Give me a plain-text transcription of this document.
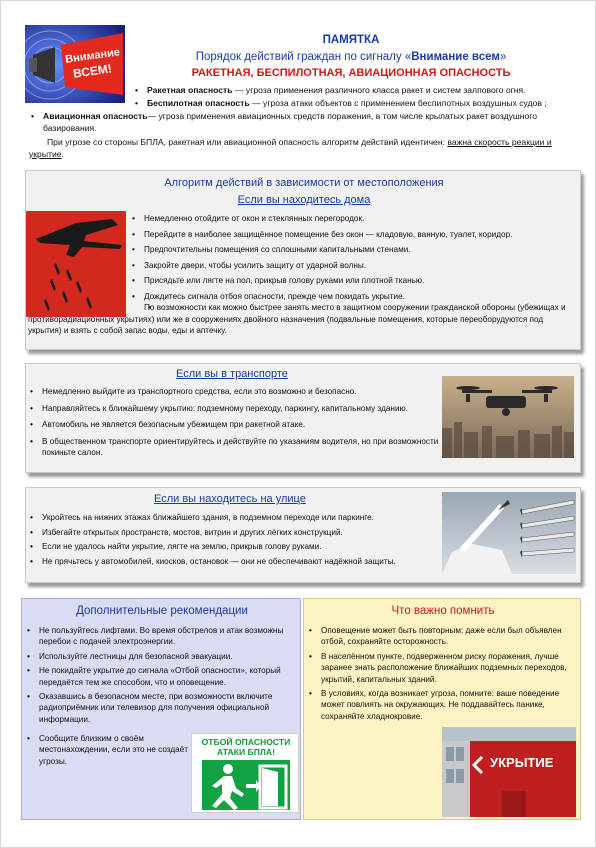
Внимание
ВСЕМ!
ПАМЯТКА
Порядок действий граждан по сигналу «Внимание всем»
РАКЕТНАЯ, БЕСПИЛОТНАЯ, АВИАЦИОННАЯ ОПАСНОСТЬ
• Ракетная опасность — угроза применения различного класса ракет и систем залпового огня.
• Беспилотная опасность — угроза атаки объектов с применением беспилотных воздушных судов ;
• Авиационная опасность— угроза применения авиационных средств поражения, в том числе крылатых ракет воздушного базирования.
При угрозе со стороны БПЛА, ракетная или авиационной опасность алгоритм действий идентичен: важна скорость реакции и укрытие.
Алгоритм действий в зависимости от местоположения
Если вы находитесь дома
• Немедленно отойдите от окон и стеклянных перегородок.
• Перейдите в наиболее защищённое помещение без окон — кладовую, ванную, туалет, коридор.
• Предпочтительны помещения со сплошными капитальными стенами.
• Закройте двери, чтобы усилить защиту от ударной волны.
• Присядьте или лягте на пол, прикрыв голову руками или плотной тканью.
• Дождитесь сигнала отбоя опасности, прежде чем покидать укрытие.
• По возможности как можно быстрее занять место в защитном сооружении гражданской обороны (убежищах и противорадиационных укрытиях) или же в сооружениях двойного назначения (подвальные помещения, которые переоборудуются под укрытия) и взять с собой запас воды, еды и аптечку.
Если вы в транспорте
• Немедленно выйдите из транспортного средства, если это возможно и безопасно.
• Направляйтесь к ближайшему укрытию: подземному переходу, паркингу, капитальному зданию.
• Автомобиль не является безопасным убежищем при ракетной атаке.
• В общественном транспорте ориентируйтесь и действуйте по указаниям водителя, но при возможности покиньте салон.
Если вы находитесь на улице
• Укройтесь на нижних этажах ближайшего здания, в подземном переходе или паркинге.
• Избегайте открытых пространств, мостов, витрин и других лёгких конструкций.
• Если не удалось найти укрытие, лягте на землю, прикрыв голову руками.
• Не прячьтесь у автомобилей, киосков, остановок — они не обеспечивают надёжной защиты.
Дополнительные рекомендации
• Не пользуйтесь лифтами. Во время обстрелов и атак возможны перебои с подачей электроэнергии.
• Используйте лестницы для безопасной эвакуации.
• Не покидайте укрытие до сигнала «Отбой опасности», который передаётся тем же способом, что и оповещение.
• Оказавшись в безопасном месте, при возможности включите радиоприёмник или телевизор для получения официальной информации.
• Сообщите близким о своём местонахождении, если это не создаёт угрозы.
ОТБОЙ ОПАСНОСТИ АТАКИ БПЛА!
Что важно помнить
• Оповещение может быть повторным: даже если был объявлен отбой, сохраняйте осторожность.
• В населённом пункте, подверженном риску поражения, лучше заранее знать расположение ближайших подземных переходов, укрытий, капитальных зданий.
• В условиях, когда возникает угроза, помните: ваше поведение может повлиять на окружающих. Не поддавайтесь панике, сохраняйте хладнокровие.
УКРЫТИЕ
